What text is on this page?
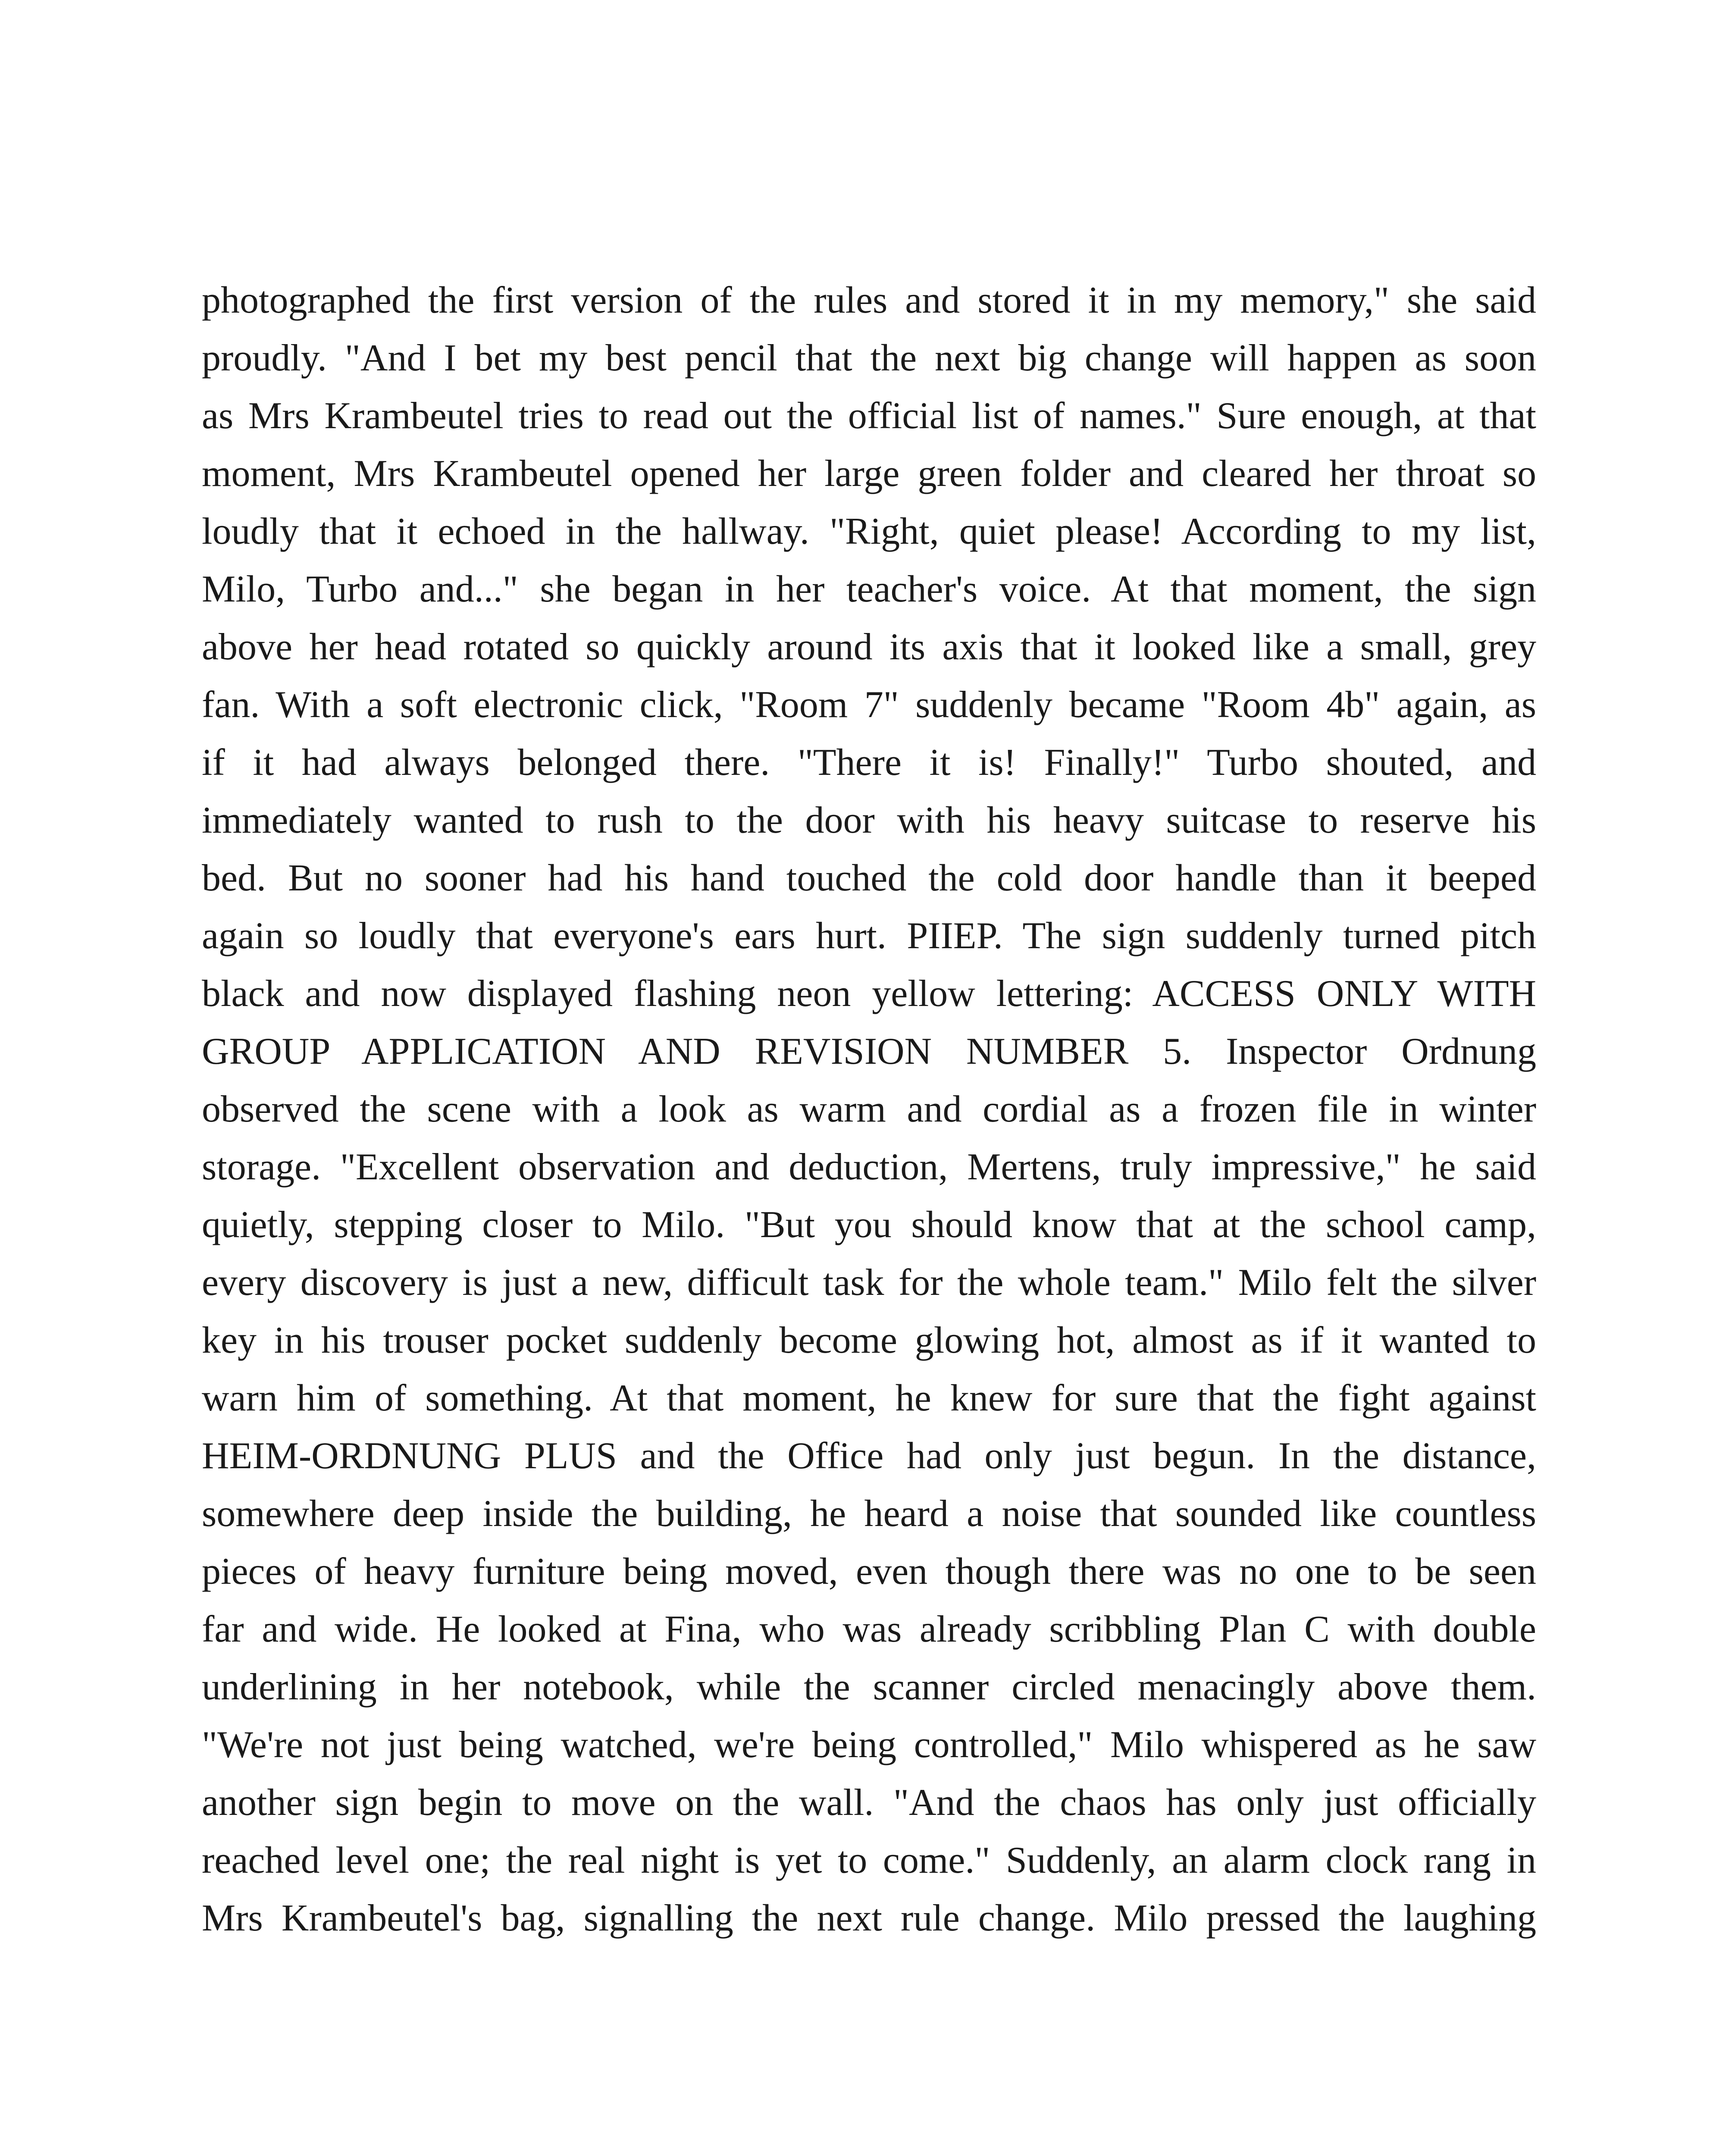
photographed the first version of the rules and stored it in my memory," she said
proudly. "And I bet my best pencil that the next big change will happen as soon
as Mrs Krambeutel tries to read out the official list of names." Sure enough, at that
moment, Mrs Krambeutel opened her large green folder and cleared her throat so
loudly that it echoed in the hallway. "Right, quiet please! According to my list,
Milo, Turbo and..." she began in her teacher's voice. At that moment, the sign
above her head rotated so quickly around its axis that it looked like a small, grey
fan. With a soft electronic click, "Room 7" suddenly became "Room 4b" again, as
if it had always belonged there. "There it is! Finally!" Turbo shouted, and
immediately wanted to rush to the door with his heavy suitcase to reserve his
bed. But no sooner had his hand touched the cold door handle than it beeped
again so loudly that everyone's ears hurt. PIIEP. The sign suddenly turned pitch
black and now displayed flashing neon yellow lettering: ACCESS ONLY WITH
GROUP APPLICATION AND REVISION NUMBER 5. Inspector Ordnung
observed the scene with a look as warm and cordial as a frozen file in winter
storage. "Excellent observation and deduction, Mertens, truly impressive," he said
quietly, stepping closer to Milo. "But you should know that at the school camp,
every discovery is just a new, difficult task for the whole team." Milo felt the silver
key in his trouser pocket suddenly become glowing hot, almost as if it wanted to
warn him of something. At that moment, he knew for sure that the fight against
HEIM-ORDNUNG PLUS and the Office had only just begun. In the distance,
somewhere deep inside the building, he heard a noise that sounded like countless
pieces of heavy furniture being moved, even though there was no one to be seen
far and wide. He looked at Fina, who was already scribbling Plan C with double
underlining in her notebook, while the scanner circled menacingly above them.
"We're not just being watched, we're being controlled," Milo whispered as he saw
another sign begin to move on the wall. "And the chaos has only just officially
reached level one; the real night is yet to come." Suddenly, an alarm clock rang in
Mrs Krambeutel's bag, signalling the next rule change. Milo pressed the laughing
